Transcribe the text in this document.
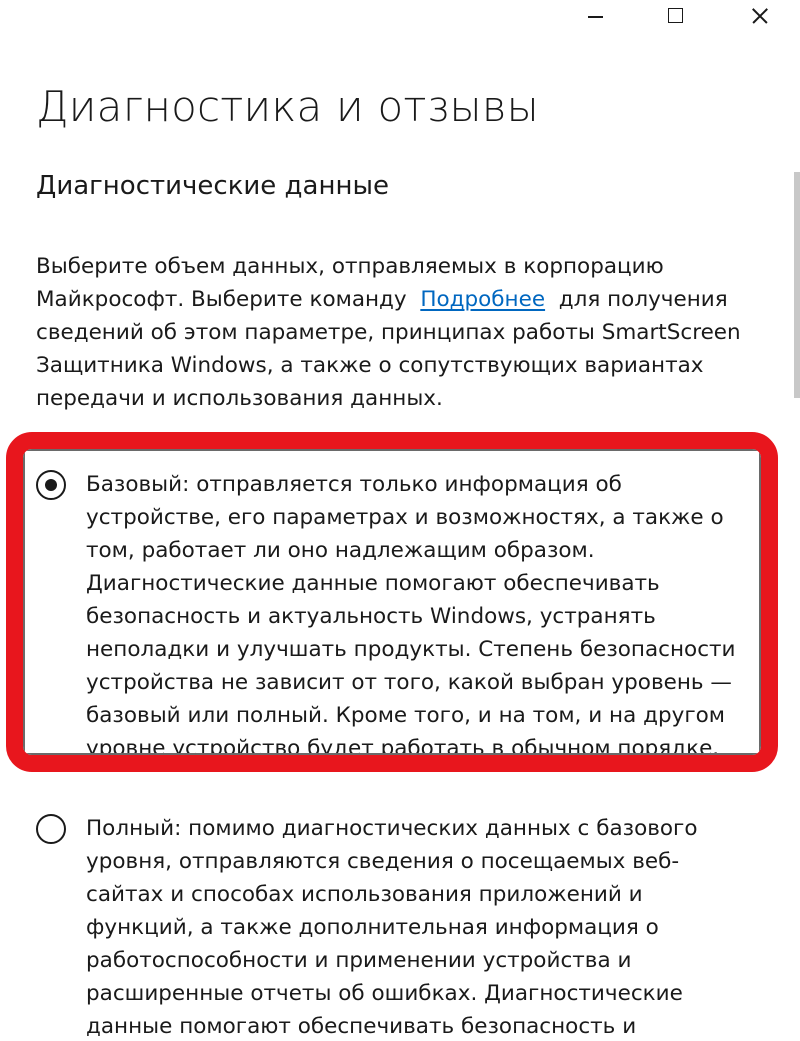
Диагностика и отзывы
Диагностические данные

Выберите объем данных, отправляемых в корпорацию
Майкрософт. Выберите команду Подробнее для получения
сведений об этом параметре, принципах работы SmartScreen
Защитника Windows, а также о сопутствующих вариантах
передачи и использования данных.

Базовый: отправляется только информация об
устройстве, его параметрах и возможностях, а также о
том, работает ли оно надлежащим образом.
Диагностические данные помогают обеспечивать
безопасность и актуальность Windows, устранять
неполадки и улучшать продукты. Степень безопасности
устройства не зависит от того, какой выбран уровень —
базовый или полный. Кроме того, и на том, и на другом
уровне устройство будет работать в обычном порядке.
Полный: помимо диагностических данных с базового
уровня, отправляются сведения о посещаемых веб-
сайтах и способах использования приложений и
функций, а также дополнительная информация о
работоспособности и применении устройства и
расширенные отчеты об ошибках. Диагностические
данные помогают обеспечивать безопасность и
